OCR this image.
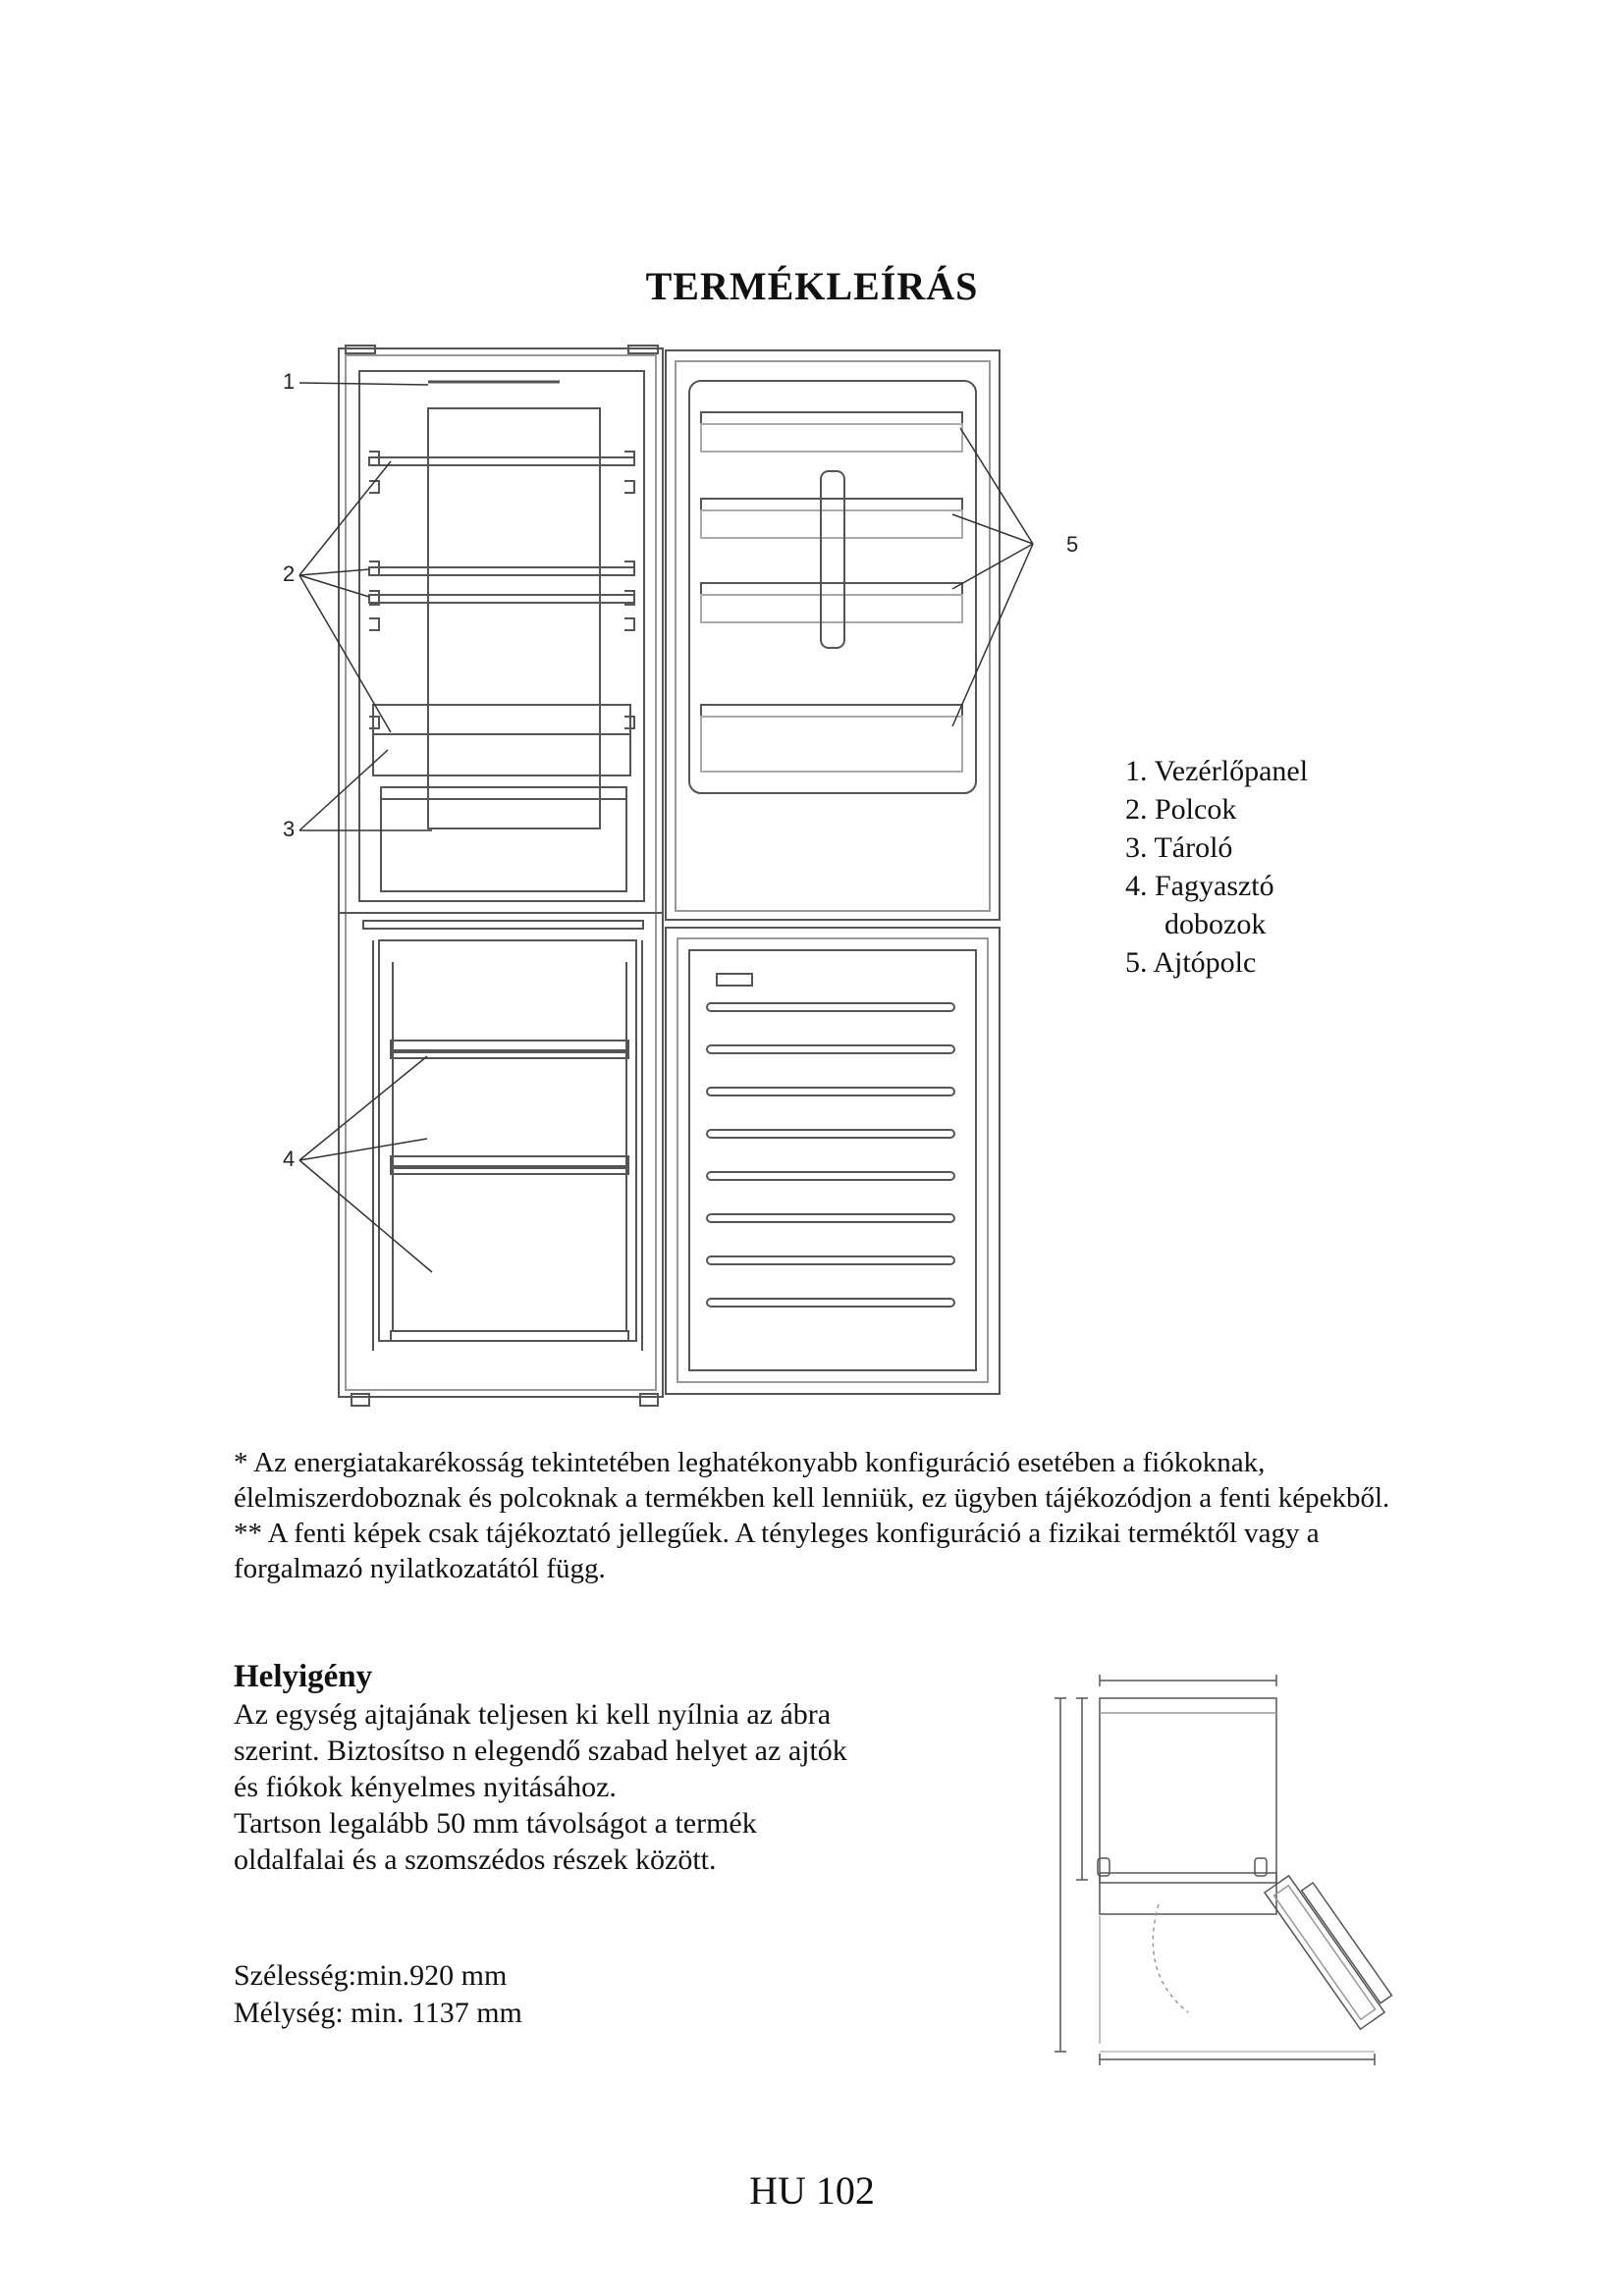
TERMÉKLEÍRÁS
1
2
3
4
5
1. Vezérlőpanel
2. Polcok
3. Tároló
4. Fagyasztó
dobozok
5. Ajtópolc

* Az energiatakarékosság tekintetében leghatékonyabb konfiguráció esetében a fiókoknak, élelmiszerdoboznak és polcoknak a termékben kell lenniük, ez ügyben tájékozódjon a fenti képekből.

** A fenti képek csak tájékoztató jellegűek. A tényleges konfiguráció a fizikai terméktől vagy a forgalmazó nyilatkozatától függ.

Helyigény

Az egység ajtajának teljesen ki kell nyílnia az ábra

szerint. Biztosítso n elegendő szabad helyet az ajtók

és fiókok kényelmes nyitásához.

Tartson legalább 50 mm távolságot a termék

oldalfalai és a szomszédos részek között.

Szélesség:min.920 mm
Mélység: min. 1137 mm
HU 102
